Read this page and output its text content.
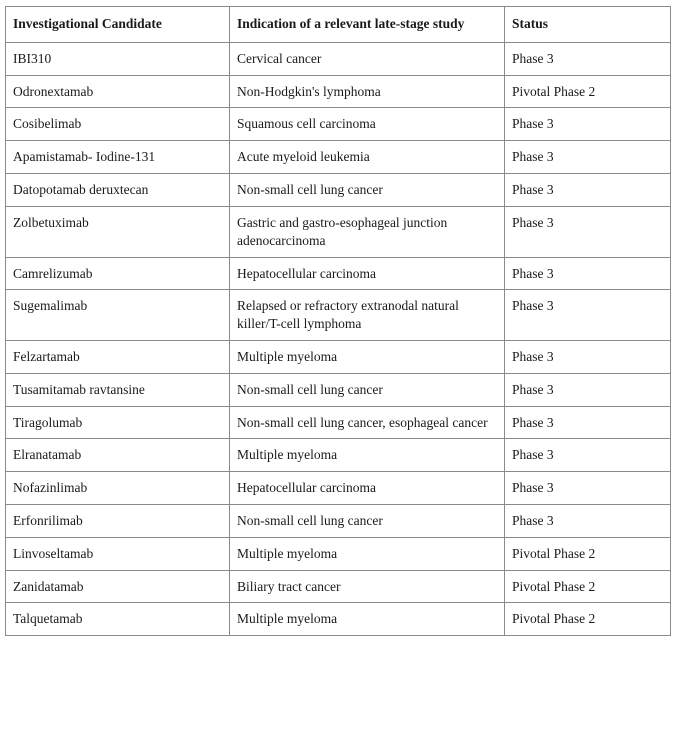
Investigational Candidate	Indication of a relevant late-stage study	Status

IBI310	Cervical cancer	Phase 3

Odronextamab	Non-Hodgkin's lymphoma	Pivotal Phase 2

Cosibelimab	Squamous cell carcinoma	Phase 3

Apamistamab- Iodine-131	Acute myeloid leukemia	Phase 3

Datopotamab deruxtecan	Non-small cell lung cancer	Phase 3

Zolbetuximab	Gastric and gastro-esophageal junction adenocarcinoma	Phase 3

Camrelizumab	Hepatocellular carcinoma	Phase 3

Sugemalimab	Relapsed or refractory extranodal natural killer/T-cell lymphoma	Phase 3

Felzartamab	Multiple myeloma	Phase 3

Tusamitamab ravtansine	Non-small cell lung cancer	Phase 3

Tiragolumab	Non-small cell lung cancer, esophageal cancer	Phase 3

Elranatamab	Multiple myeloma	Phase 3

Nofazinlimab	Hepatocellular carcinoma	Phase 3

Erfonrilimab	Non-small cell lung cancer	Phase 3

Linvoseltamab	Multiple myeloma	Pivotal Phase 2

Zanidatamab	Biliary tract cancer	Pivotal Phase 2

Talquetamab	Multiple myeloma	Pivotal Phase 2
